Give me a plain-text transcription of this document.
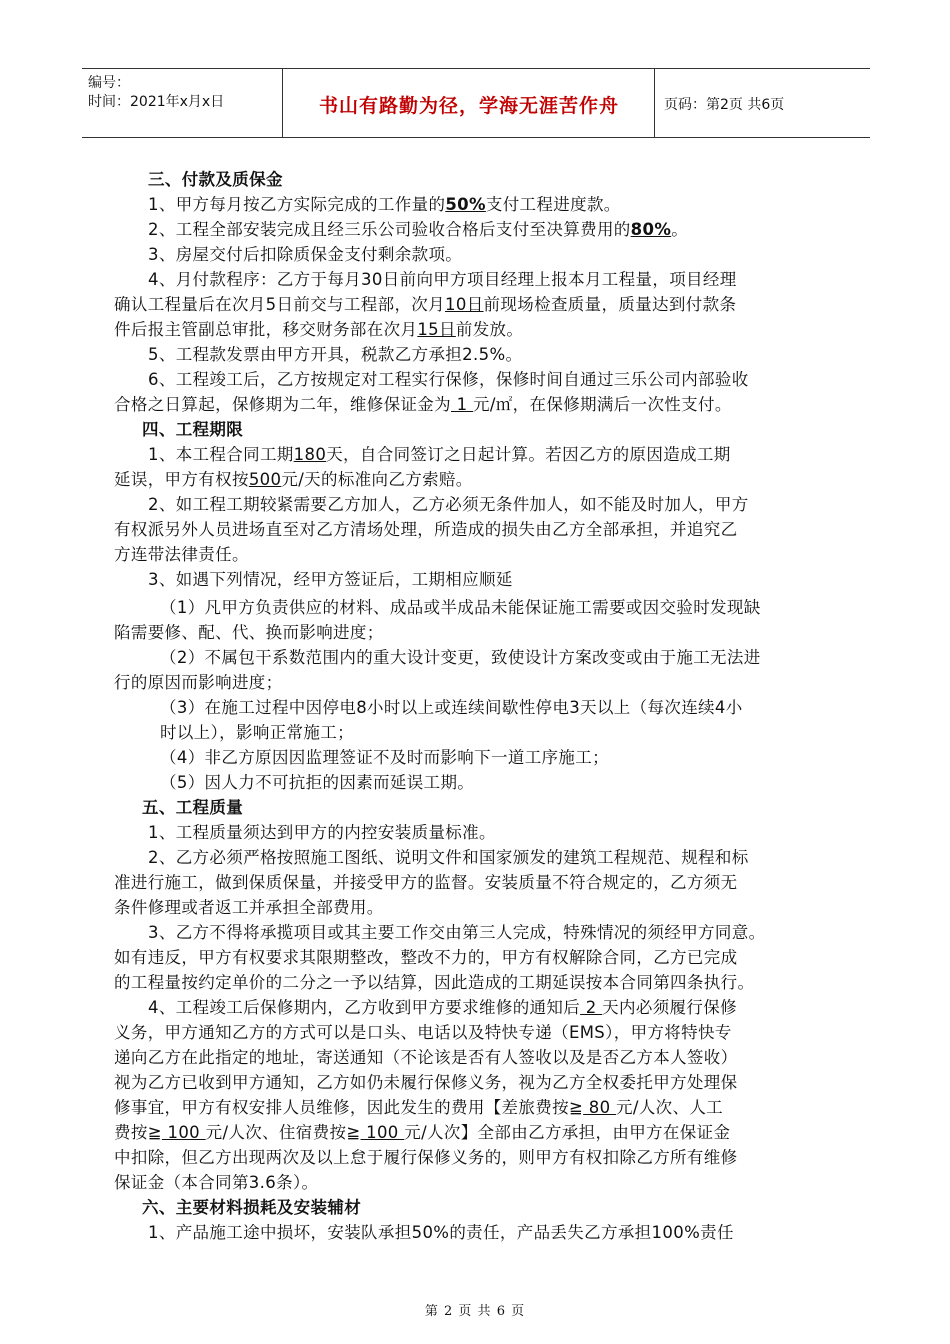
编号：
时间：2021年x月x日	书山有路勤为径，学海无涯苦作舟	页码：第2页 共6页
三、付款及质保金
1、甲方每月按乙方实际完成的工作量的50%支付工程进度款。
2、工程全部安装完成且经三乐公司验收合格后支付至决算费用的80%。
3、房屋交付后扣除质保金支付剩余款项。
4、月付款程序：乙方于每月30日前向甲方项目经理上报本月工程量，项目经理
确认工程量后在次月5日前交与工程部，次月10日前现场检查质量，质量达到付款条
件后报主管副总审批，移交财务部在次月15日前发放。
5、工程款发票由甲方开具，税款乙方承担2.5%。
6、工程竣工后，乙方按规定对工程实行保修，保修时间自通过三乐公司内部验收
合格之日算起，保修期为二年，维修保证金为 1 元/㎡，在保修期满后一次性支付。
四、工程期限
1、本工程合同工期180天，自合同签订之日起计算。若因乙方的原因造成工期
延误，甲方有权按500元/天的标准向乙方索赔。
2、如工程工期较紧需要乙方加人，乙方必须无条件加人，如不能及时加人，甲方
有权派另外人员进场直至对乙方清场处理，所造成的损失由乙方全部承担，并追究乙
方连带法律责任。
3、如遇下列情况，经甲方签证后，工期相应顺延
（1）凡甲方负责供应的材料、成品或半成品未能保证施工需要或因交验时发现缺
陷需要修、配、代、换而影响进度；
（2）不属包干系数范围内的重大设计变更，致使设计方案改变或由于施工无法进
行的原因而影响进度；
（3）在施工过程中因停电8小时以上或连续间歇性停电3天以上（每次连续4小
时以上），影响正常施工；
（4）非乙方原因因监理签证不及时而影响下一道工序施工；
（5）因人力不可抗拒的因素而延误工期。
五、工程质量
1、工程质量须达到甲方的内控安装质量标准。
2、乙方必须严格按照施工图纸、说明文件和国家颁发的建筑工程规范、规程和标
准进行施工，做到保质保量，并接受甲方的监督。安装质量不符合规定的，乙方须无
条件修理或者返工并承担全部费用。
3、乙方不得将承揽项目或其主要工作交由第三人完成，特殊情况的须经甲方同意。
如有违反，甲方有权要求其限期整改，整改不力的，甲方有权解除合同，乙方已完成
的工程量按约定单价的二分之一予以结算，因此造成的工期延误按本合同第四条执行。
4、工程竣工后保修期内，乙方收到甲方要求维修的通知后 2 天内必须履行保修
义务，甲方通知乙方的方式可以是口头、电话以及特快专递（EMS），甲方将特快专
递向乙方在此指定的地址，寄送通知（不论该是否有人签收以及是否乙方本人签收）
视为乙方已收到甲方通知，乙方如仍未履行保修义务，视为乙方全权委托甲方处理保
修事宜，甲方有权安排人员维修，因此发生的费用【差旅费按≧ 80 元/人次、人工
费按≧ 100 元/人次、住宿费按≧ 100 元/人次】全部由乙方承担，由甲方在保证金
中扣除，但乙方出现两次及以上怠于履行保修义务的，则甲方有权扣除乙方所有维修
保证金（本合同第3.6条）。
六、主要材料损耗及安装辅材
1、产品施工途中损坏，安装队承担50%的责任，产品丢失乙方承担100%责任
第 2 页 共 6 页
